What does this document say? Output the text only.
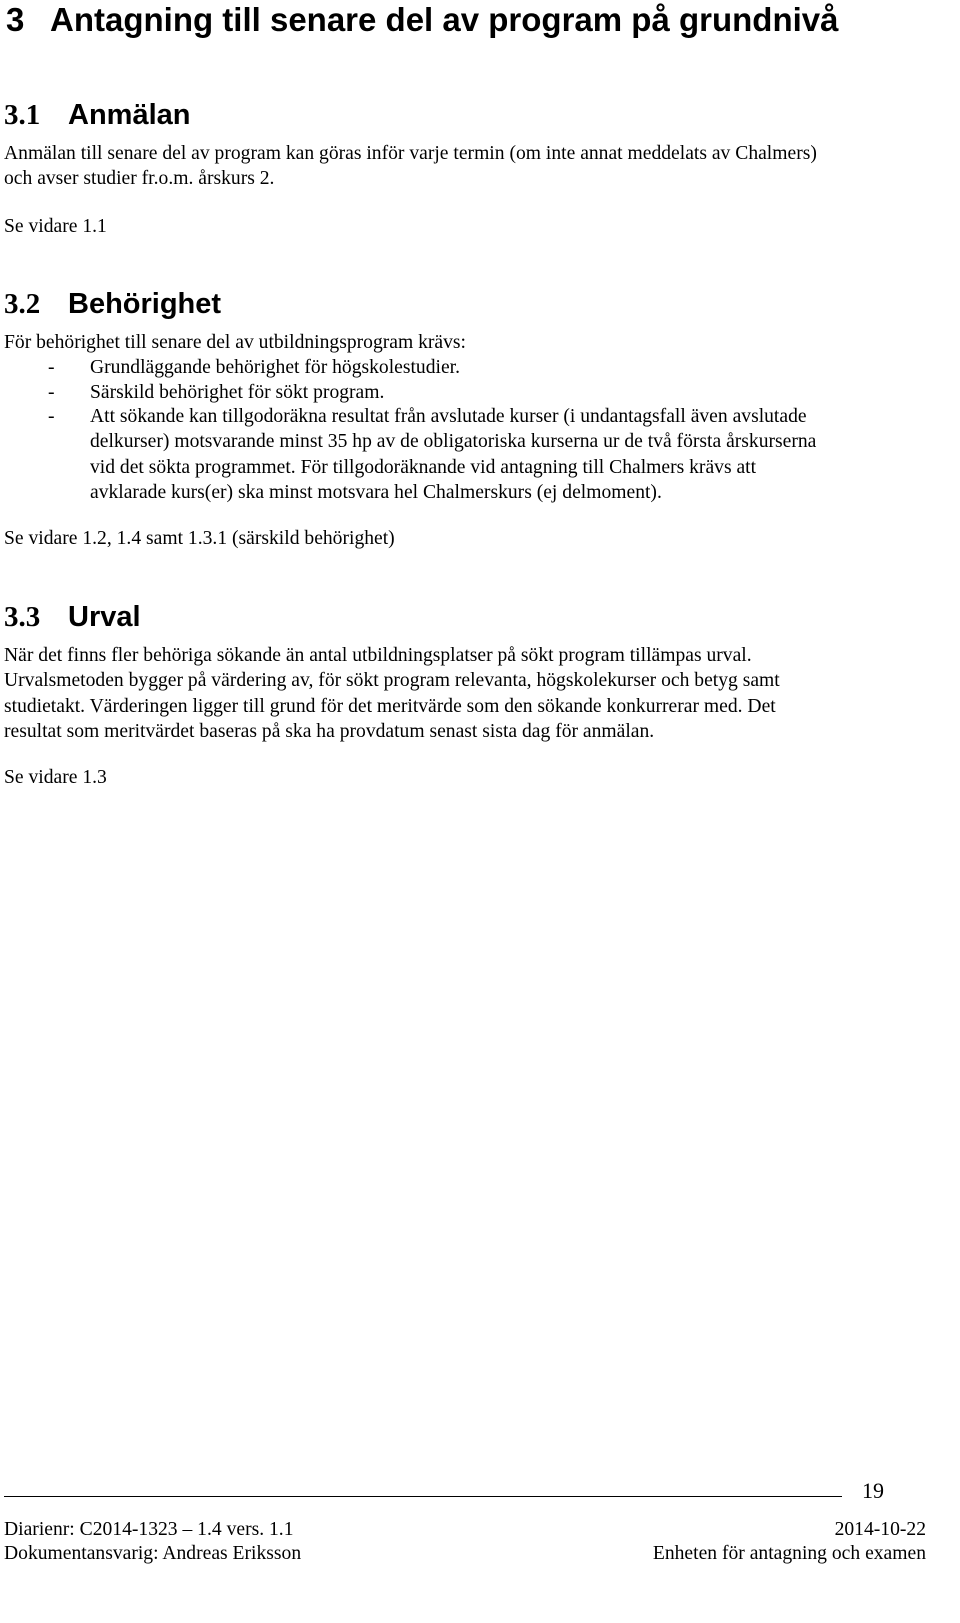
3 Antagning till senare del av program på grundnivå
3.1 Anmälan
Anmälan till senare del av program kan göras inför varje termin (om inte annat meddelats av Chalmers)
och avser studier fr.o.m. årskurs 2.
Se vidare 1.1
3.2 Behörighet
För behörighet till senare del av utbildningsprogram krävs:
- Grundläggande behörighet för högskolestudier.
- Särskild behörighet för sökt program.
- Att sökande kan tillgodoräkna resultat från avslutade kurser (i undantagsfall även avslutade
delkurser) motsvarande minst 35 hp av de obligatoriska kurserna ur de två första årskurserna
vid det sökta programmet. För tillgodoräknande vid antagning till Chalmers krävs att
avklarade kurs(er) ska minst motsvara hel Chalmerskurs (ej delmoment).
Se vidare 1.2, 1.4 samt 1.3.1 (särskild behörighet)
3.3 Urval
När det finns fler behöriga sökande än antal utbildningsplatser på sökt program tillämpas urval.
Urvalsmetoden bygger på värdering av, för sökt program relevanta, högskolekurser och betyg samt
studietakt. Värderingen ligger till grund för det meritvärde som den sökande konkurrerar med. Det
resultat som meritvärdet baseras på ska ha provdatum senast sista dag för anmälan.
Se vidare 1.3
19
Diarienr: C2014-1323 – 1.4 vers. 1.1	2014-10-22
Dokumentansvarig: Andreas Eriksson	Enheten för antagning och examen
